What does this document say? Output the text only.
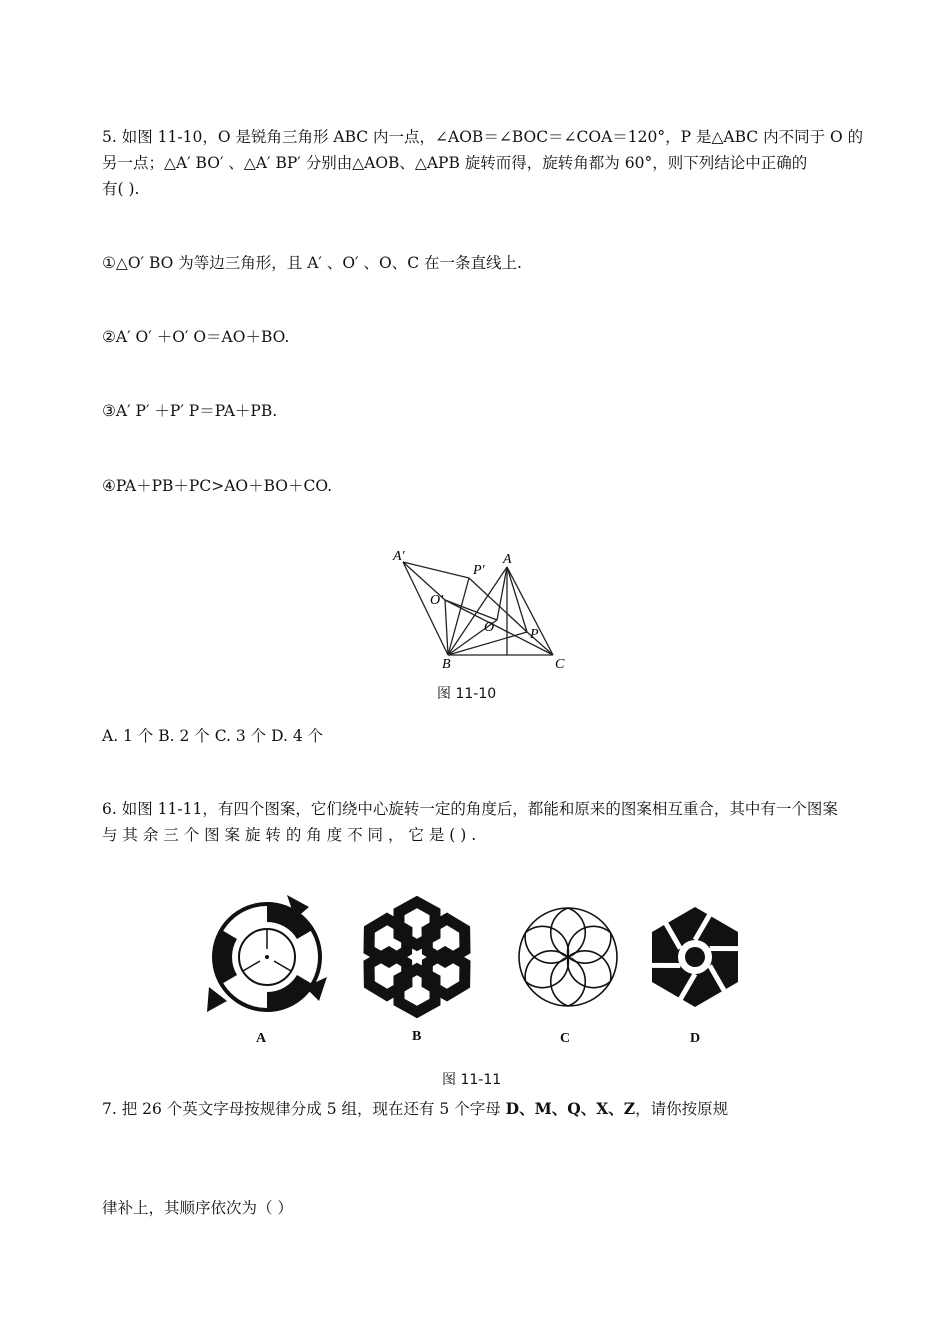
5. 如图 11-10，O 是锐角三角形 ABC 内一点，∠AOB＝∠BOC＝∠COA＝120°，P 是△ABC 内不同于 O 的
另一点；△A′ BO′ 、△A′ BP′ 分别由△AOB、△APB 旋转而得，旋转角都为 60°，则下列结论中正确的
有( ).
①△O′ BO 为等边三角形，且 A′ 、O′ 、O、C 在一条直线上.
②A′ O′ ＋O′ O＝AO＋BO.
③A′ P′ ＋P′ P＝PA＋PB.
④PA＋PB＋PC>AO＋BO＋CO.
A′
P′
A
O′
O	P
B	C
图 11-10
A. 1 个 B. 2 个 C. 3 个 D. 4 个
6. 如图 11-11，有四个图案，它们绕中心旋转一定的角度后，都能和原来的图案相互重合，其中有一个图案
与 其 余 三 个 图 案 旋 转 的 角 度 不 同 ， 它 是 ( ) .
A	B	C	D
图 11-11
7. 把 26 个英文字母按规律分成 5 组，现在还有 5 个字母 D、M、Q、X、Z，请你按原规
律补上，其顺序依次为（ ）
